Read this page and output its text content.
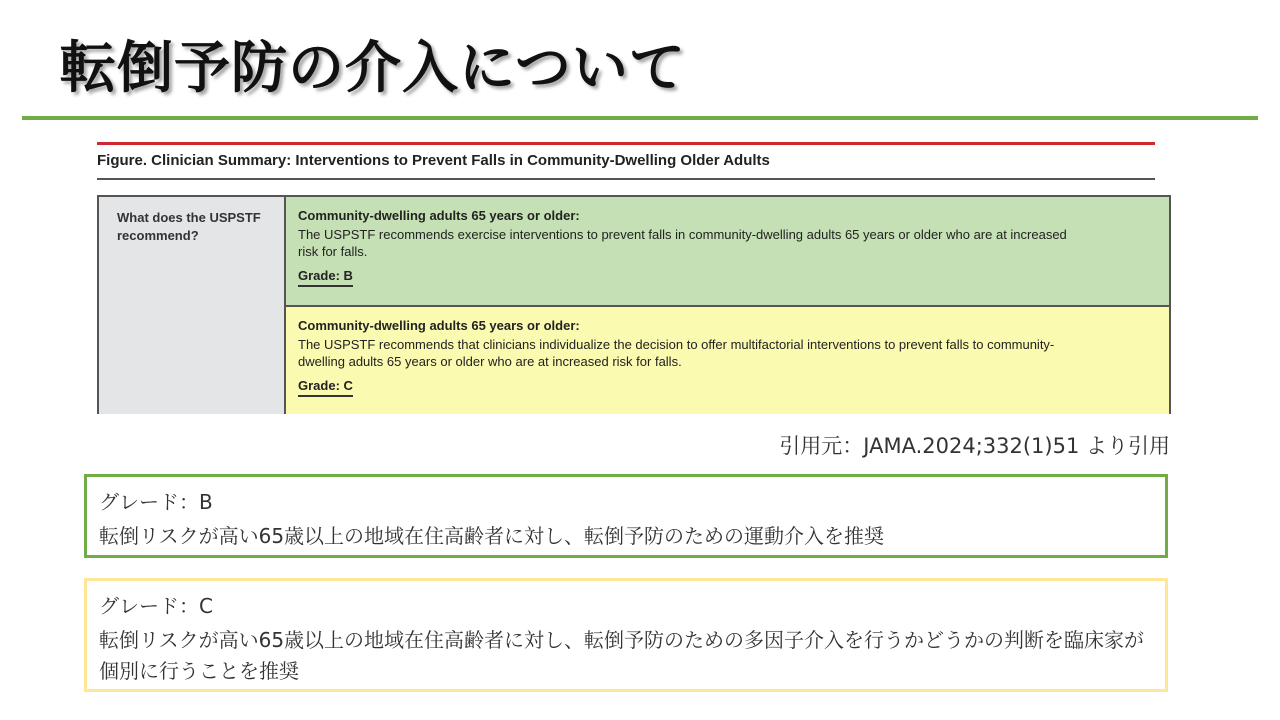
転倒予防の介入について
Figure. Clinician Summary: Interventions to Prevent Falls in Community-Dwelling Older Adults
What does the USPSTF recommend?
Community-dwelling adults 65 years or older:
The USPSTF recommends exercise interventions to prevent falls in community-dwelling adults 65 years or older who are at increased risk for falls.
Grade: B
Community-dwelling adults 65 years or older:
The USPSTF recommends that clinicians individualize the decision to offer multifactorial interventions to prevent falls to community-dwelling adults 65 years or older who are at increased risk for falls.
Grade: C
引用元：JAMA.2024;332(1)51 より引用
グレード：B
転倒リスクが高い65歳以上の地域在住高齢者に対し、転倒予防のための運動介入を推奨
グレード：C
転倒リスクが高い65歳以上の地域在住高齢者に対し、転倒予防のための多因子介入を行うかどうかの判断を臨床家が個別に行うことを推奨
